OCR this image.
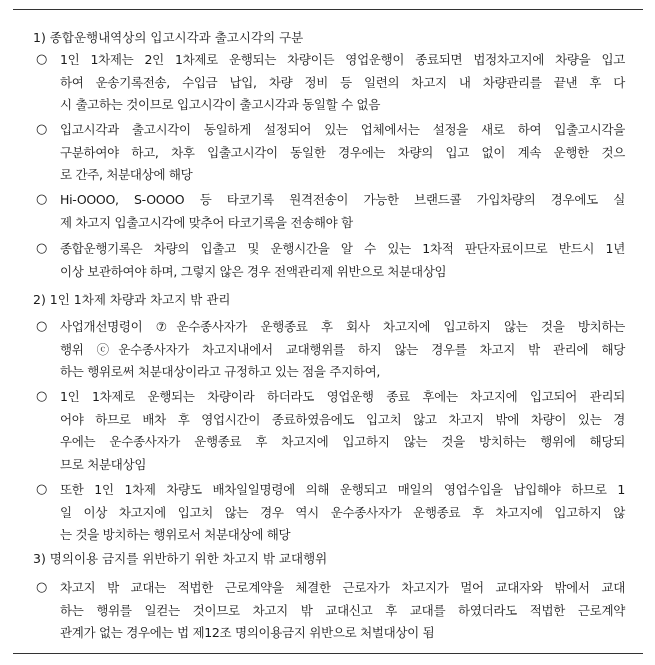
1) 종합운행내역상의 입고시각과 출고시각의 구분
○ 1인 1차제는 2인 1차제로 운행되는 차량이든 영업운행이 종료되면 법정차고지에 차량을 입고
하여 운송기록전송, 수입금 납입, 차량 정비 등 일련의 차고지 내 차량관리를 끝낸 후 다
시 출고하는 것이므로 입고시각이 출고시각과 동일할 수 없음
○ 입고시각과 출고시각이 동일하게 설정되어 있는 업체에서는 설정을 새로 하여 입출고시각을
구분하여야 하고, 차후 입출고시각이 동일한 경우에는 차량의 입고 없이 계속 운행한 것으
로 간주, 처분대상에 해당
○ Hi-OOOO, S-OOOO 등 타코기록 원격전송이 가능한 브랜드콜 가입차량의 경우에도 실
제 차고지 입출고시각에 맞추어 타코기록을 전송해야 함
○ 종합운행기록은 차량의 입출고 및 운행시간을 알 수 있는 1차적 판단자료이므로 반드시 1년
이상 보관하여야 하며, 그렇지 않은 경우 전액관리제 위반으로 처분대상임
2) 1인 1차제 차량과 차고지 밖 관리
○ 사업개선명령이 ⑦운수종사자가 운행종료 후 회사 차고지에 입고하지 않는 것을 방치하는
행위 ⓒ운수종사자가 차고지내에서 교대행위를 하지 않는 경우를 차고지 밖 관리에 해당
하는 행위로써 처분대상이라고 규정하고 있는 점을 주지하여,
○ 1인 1차제로 운행되는 차량이라 하더라도 영업운행 종료 후에는 차고지에 입고되어 관리되
어야 하므로 배차 후 영업시간이 종료하였음에도 입고치 않고 차고지 밖에 차량이 있는 경
우에는 운수종사자가 운행종료 후 차고지에 입고하지 않는 것을 방치하는 행위에 해당되
므로 처분대상임
○ 또한 1인 1차제 차량도 배차일일명령에 의해 운행되고 매일의 영업수입을 납입해야 하므로 1
일 이상 차고지에 입고치 않는 경우 역시 운수종사자가 운행종료 후 차고지에 입고하지 않
는 것을 방치하는 행위로서 처분대상에 해당
3) 명의이용 금지를 위반하기 위한 차고지 밖 교대행위
○ 차고지 밖 교대는 적법한 근로계약을 체결한 근로자가 차고지가 멀어 교대자와 밖에서 교대
하는 행위를 일컫는 것이므로 차고지 밖 교대신고 후 교대를 하였더라도 적법한 근로계약
관계가 없는 경우에는 법 제12조 명의이용금지 위반으로 처벌대상이 됨
